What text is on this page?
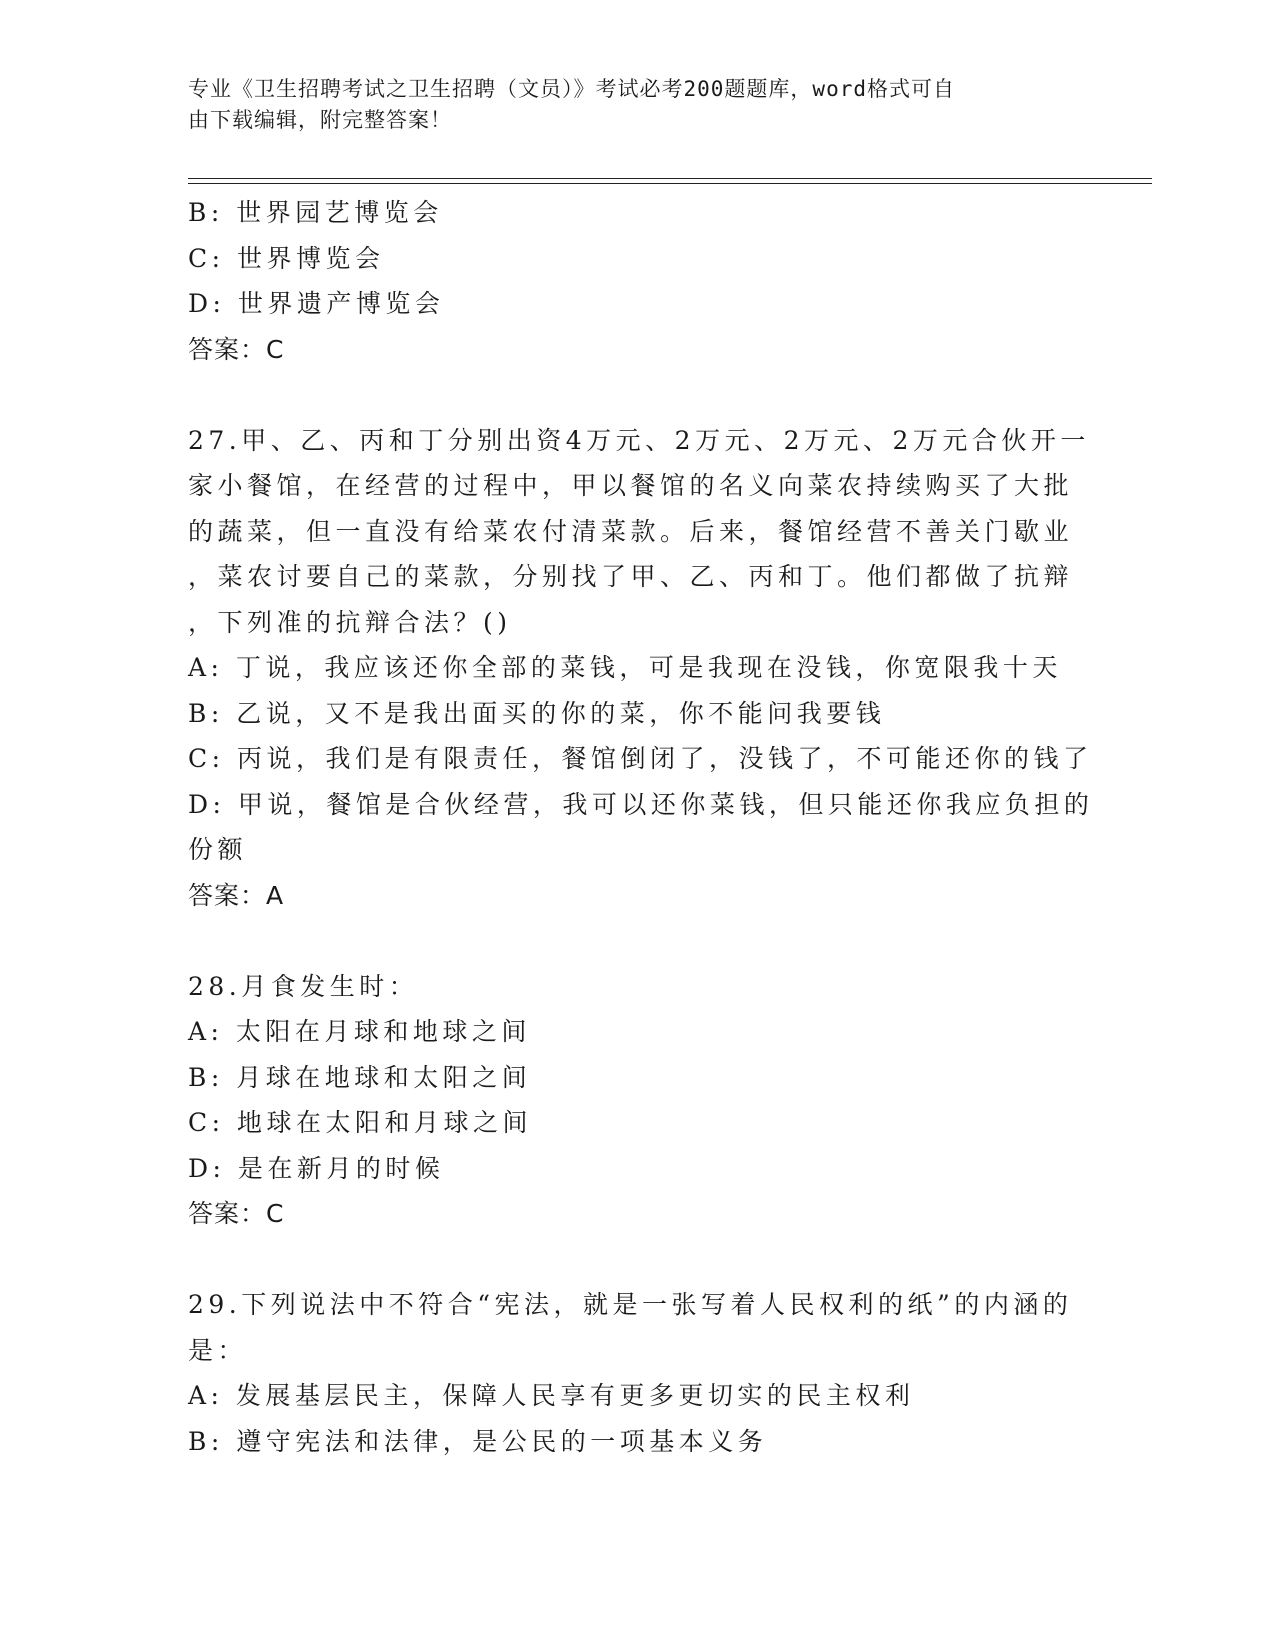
专业《卫生招聘考试之卫生招聘（文员）》考试必考200题题库，word格式可自
由下载编辑，附完整答案！
B: 世界园艺博览会
C: 世界博览会
D: 世界遗产博览会
答案：C
27.甲、乙、丙和丁分别出资4万元、2万元、2万元、2万元合伙开一
家小餐馆，在经营的过程中，甲以餐馆的名义向菜农持续购买了大批
的蔬菜，但一直没有给菜农付清菜款。后来，餐馆经营不善关门歇业
，菜农讨要自己的菜款，分别找了甲、乙、丙和丁。他们都做了抗辩
，下列准的抗辩合法？()
A: 丁说，我应该还你全部的菜钱，可是我现在没钱，你宽限我十天
B: 乙说，又不是我出面买的你的菜，你不能问我要钱
C: 丙说，我们是有限责任，餐馆倒闭了，没钱了，不可能还你的钱了
D: 甲说，餐馆是合伙经营，我可以还你菜钱，但只能还你我应负担的
份额
答案：A
28.月食发生时：
A: 太阳在月球和地球之间
B: 月球在地球和太阳之间
C: 地球在太阳和月球之间
D: 是在新月的时候
答案：C
29.下列说法中不符合“宪法，就是一张写着人民权利的纸”的内涵的
是：
A: 发展基层民主，保障人民享有更多更切实的民主权利
B: 遵守宪法和法律，是公民的一项基本义务
